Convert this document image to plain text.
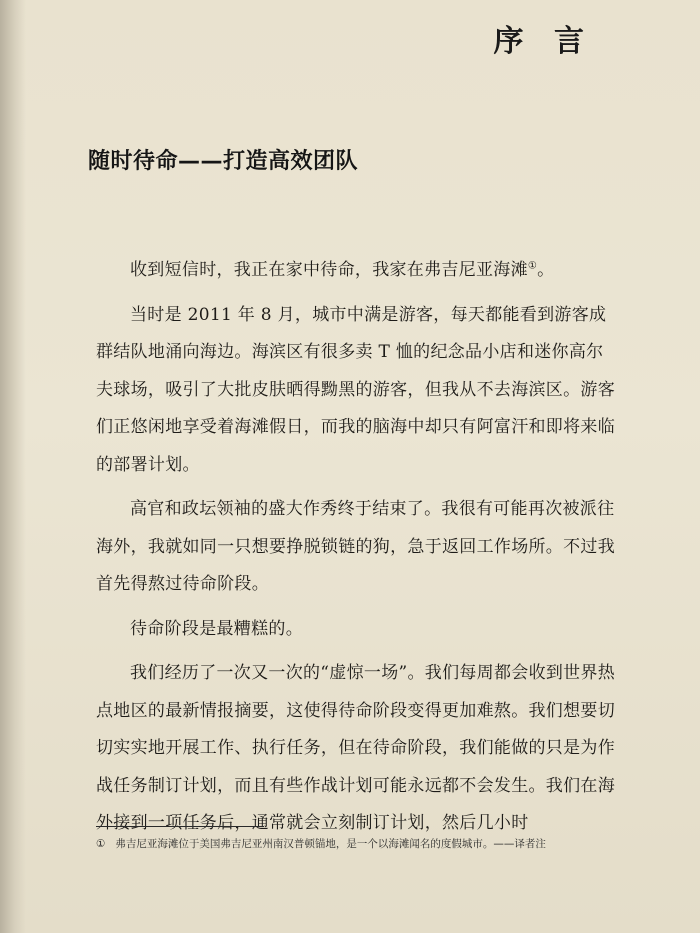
序 言
随时待命——打造高效团队

收到短信时，我正在家中待命，我家在弗吉尼亚海滩①。

当时是 2011 年 8 月，城市中满是游客，每天都能看到游客成群结队地涌向海边。海滨区有很多卖 T 恤的纪念品小店和迷你高尔夫球场，吸引了大批皮肤晒得黝黑的游客，但我从不去海滨区。游客们正悠闲地享受着海滩假日，而我的脑海中却只有阿富汗和即将来临的部署计划。

高官和政坛领袖的盛大作秀终于结束了。我很有可能再次被派往海外，我就如同一只想要挣脱锁链的狗，急于返回工作场所。不过我首先得熬过待命阶段。

待命阶段是最糟糕的。

我们经历了一次又一次的“虚惊一场”。我们每周都会收到世界热点地区的最新情报摘要，这使得待命阶段变得更加难熬。我们想要切切实实地开展工作、执行任务，但在待命阶段，我们能做的只是为作战任务制订计划，而且有些作战计划可能永远都不会发生。我们在海外接到一项任务后，通常就会立刻制订计划，然后几小时

① 弗吉尼亚海滩位于美国弗吉尼亚州南汉普顿锚地，是一个以海滩闻名的度假城市。——译者注
